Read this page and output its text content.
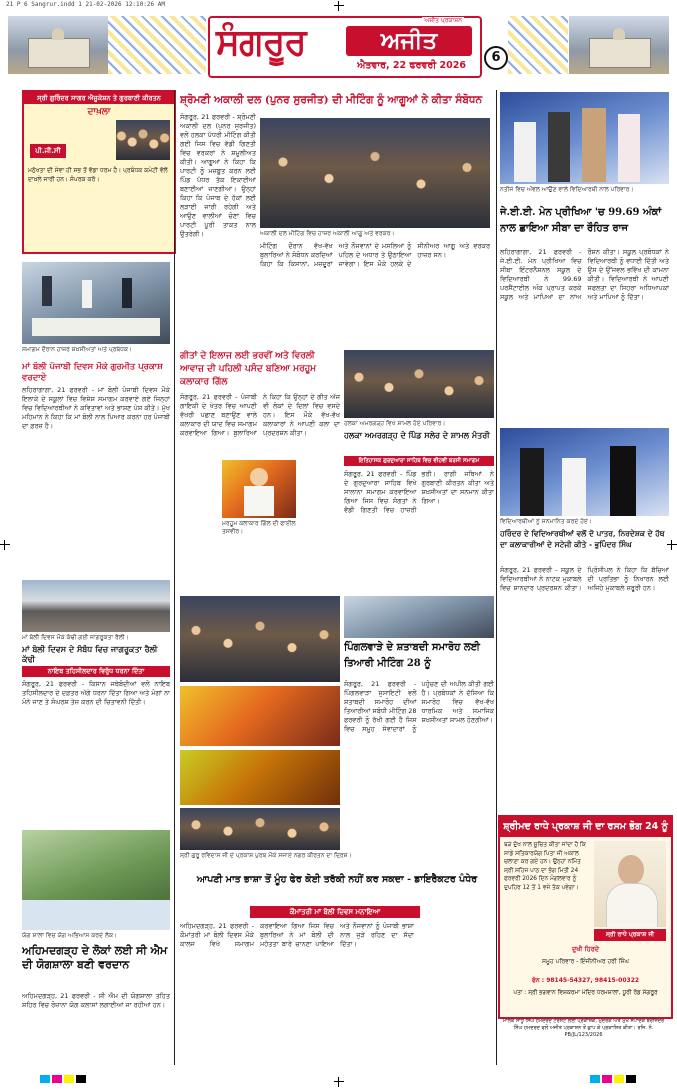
21 P 6 Sangrur.indd 1 21-02-2026 12:10:26 AM
ਸੰਗਰੂਰ
ਅਜੀਤ ਪ੍ਰਕਾਸ਼ਨ
ਅਜੀਤ
ਐਤਵਾਰ, 22 ਫਰਵਰੀ 2026
6
ਸ੍ਰੀ ਗੁਰਿੰਦਰ ਸਾਗਰ ਐਜੂਕੇਸ਼ਨ ਤੇ ਗੁਰਬਾਣੀ ਕੀਰਤਨ
ਦਾਖ਼ਲਾ
ਪੀ.ਜੀ.ਸੀ
ਮਨੁੱਖਤਾ ਦੀ ਸੇਵਾ ਹੀ ਸਭ ਤੋਂ ਵੱਡਾ ਧਰਮ ਹੈ। ਪ੍ਰਬੰਧਕ ਕਮੇਟੀ ਵੱਲੋਂ ਦਾਖ਼ਲੇ ਜਾਰੀ ਹਨ। ਸੰਪਰਕ ਕਰੋ।
ਸਮਾਗਮ ਦੌਰਾਨ ਹਾਜ਼ਰ ਸ਼ਖ਼ਸੀਅਤਾਂ ਅਤੇ ਪ੍ਰਬੰਧਕ।
ਮਾਂ ਬੋਲੀ ਪੰਜਾਬੀ ਦਿਵਸ ਮੌਕੇ ਗੁਰਮੀਤ ਪ੍ਰਕਾਸ਼ ਵਰਦਾਏ

ਲਹਿਰਾਗਾਗਾ, 21 ਫਰਵਰੀ - ਮਾਂ ਬੋਲੀ ਪੰਜਾਬੀ ਦਿਵਸ ਮੌਕੇ ਇਲਾਕੇ ਦੇ ਸਕੂਲਾਂ ਵਿਚ ਵਿਸ਼ੇਸ਼ ਸਮਾਗਮ ਕਰਵਾਏ ਗਏ ਜਿਨ੍ਹਾਂ ਵਿਚ ਵਿਦਿਆਰਥੀਆਂ ਨੇ ਕਵਿਤਾਵਾਂ ਅਤੇ ਭਾਸ਼ਣ ਪੇਸ਼ ਕੀਤੇ। ਮੁੱਖ ਮਹਿਮਾਨ ਨੇ ਕਿਹਾ ਕਿ ਮਾਂ ਬੋਲੀ ਨਾਲ ਪਿਆਰ ਕਰਨਾ ਹਰ ਪੰਜਾਬੀ ਦਾ ਫ਼ਰਜ਼ ਹੈ।

ਮਾਂ ਬੋਲੀ ਦਿਵਸ ਮੌਕੇ ਕੱਢੀ ਗਈ ਜਾਗਰੂਕਤਾ ਰੈਲੀ।
ਮਾਂ ਬੋਲੀ ਦਿਵਸ ਦੇ ਸੰਬੰਧ ਵਿਚ ਜਾਗਰੂਕਤਾ ਰੈਲੀ ਕੱਢੀ
ਨਾਇਬ ਤਹਿਸੀਲਦਾਰ ਵਿਰੁੱਧ ਧਰਨਾ ਦਿੱਤਾ

ਸੰਗਰੂਰ, 21 ਫਰਵਰੀ - ਕਿਸਾਨ ਜਥੇਬੰਦੀਆਂ ਵਲੋਂ ਨਾਇਬ ਤਹਿਸੀਲਦਾਰ ਦੇ ਦਫ਼ਤਰ ਅੱਗੇ ਧਰਨਾ ਦਿੱਤਾ ਗਿਆ ਅਤੇ ਮੰਗਾਂ ਨਾ ਮੰਨੇ ਜਾਣ ਤੇ ਸੰਘਰਸ਼ ਤੇਜ਼ ਕਰਨ ਦੀ ਚਿਤਾਵਨੀ ਦਿੱਤੀ।

ਯੋਗ ਸ਼ਾਲਾ ਵਿਚ ਯੋਗ ਅਭਿਆਸ ਕਰਦੇ ਲੋਕ।
ਅਹਿਮਦਗੜ੍ਹ ਦੇ ਲੋਕਾਂ ਲਈ ਸੀ ਐਮ ਦੀ ਯੋਗਸ਼ਾਲਾ ਬਣੀ ਵਰਦਾਨ

ਅਹਿਮਦਗੜ੍ਹ, 21 ਫਰਵਰੀ - ਸੀ ਐਮ ਦੀ ਯੋਗਸ਼ਾਲਾ ਤਹਿਤ ਸ਼ਹਿਰ ਵਿਚ ਰੋਜ਼ਾਨਾ ਯੋਗ ਕਲਾਸਾਂ ਲਗਾਈਆਂ ਜਾ ਰਹੀਆਂ ਹਨ।

ਸ਼੍ਰੋਮਣੀ ਅਕਾਲੀ ਦਲ (ਪੁਨਰ ਸੁਰਜੀਤ) ਦੀ ਮੀਟਿੰਗ ਨੂੰ ਆਗੂਆਂ ਨੇ ਕੀਤਾ ਸੰਬੋਧਨ

ਸੰਗਰੂਰ, 21 ਫਰਵਰੀ - ਸ਼੍ਰੋਮਣੀ ਅਕਾਲੀ ਦਲ (ਪੁਨਰ ਸੁਰਜੀਤ) ਵਲੋਂ ਹਲਕਾ ਪੱਧਰੀ ਮੀਟਿੰਗ ਕੀਤੀ ਗਈ ਜਿਸ ਵਿਚ ਵੱਡੀ ਗਿਣਤੀ ਵਿਚ ਵਰਕਰਾਂ ਨੇ ਸ਼ਮੂਲੀਅਤ ਕੀਤੀ। ਆਗੂਆਂ ਨੇ ਕਿਹਾ ਕਿ ਪਾਰਟੀ ਨੂੰ ਮਜ਼ਬੂਤ ਕਰਨ ਲਈ ਪਿੰਡ ਪੱਧਰ ਤੱਕ ਇਕਾਈਆਂ ਬਣਾਈਆਂ ਜਾਣਗੀਆਂ। ਉਨ੍ਹਾਂ ਕਿਹਾ ਕਿ ਪੰਜਾਬ ਦੇ ਹੱਕਾਂ ਲਈ ਲੜਾਈ ਜਾਰੀ ਰਹੇਗੀ ਅਤੇ ਆਉਣ ਵਾਲੀਆਂ ਚੋਣਾਂ ਵਿਚ ਪਾਰਟੀ ਪੂਰੀ ਤਾਕਤ ਨਾਲ ਉਤਰੇਗੀ।	ਅਕਾਲੀ ਦਲ ਮੀਟਿੰਗ ਵਿਚ ਹਾਜ਼ਰ ਅਕਾਲੀ ਆਗੂ ਅਤੇ ਵਰਕਰ।

ਮੀਟਿੰਗ ਦੌਰਾਨ ਵੱਖ-ਵੱਖ ਬੁਲਾਰਿਆਂ ਨੇ ਸੰਬੋਧਨ ਕਰਦਿਆਂ ਕਿਹਾ ਕਿ ਕਿਸਾਨਾਂ, ਮਜ਼ਦੂਰਾਂ ਅਤੇ ਨੌਜਵਾਨਾਂ ਦੇ ਮਸਲਿਆਂ ਨੂੰ ਪਹਿਲ ਦੇ ਅਧਾਰ ਤੇ ਉਠਾਇਆ ਜਾਵੇਗਾ। ਇਸ ਮੌਕੇ ਹਲਕੇ ਦੇ ਸੀਨੀਅਰ ਆਗੂ ਅਤੇ ਵਰਕਰ ਹਾਜ਼ਰ ਸਨ।

ਗੀਤਾਂ ਦੇ ਇਲਾਜ ਲਈ ਭਰਵੀਂ ਅਤੇ ਵਿਰਲੀ ਆਵਾਜ਼ ਦੀ ਪਹਿਲੀ ਪਸੰਦ ਬਣਿਆ ਮਰਹੂਮ ਕਲਾਕਾਰ ਗਿੱਲ

ਸੰਗਰੂਰ, 21 ਫਰਵਰੀ - ਪੰਜਾਬੀ ਗਾਇਕੀ ਦੇ ਖੇਤਰ ਵਿਚ ਆਪਣੀ ਵੱਖਰੀ ਪਛਾਣ ਬਣਾਉਣ ਵਾਲੇ ਕਲਾਕਾਰ ਦੀ ਯਾਦ ਵਿਚ ਸਮਾਗਮ ਕਰਵਾਇਆ ਗਿਆ। ਬੁਲਾਰਿਆਂ ਨੇ ਕਿਹਾ ਕਿ ਉਨ੍ਹਾਂ ਦੇ ਗੀਤ ਅੱਜ ਵੀ ਲੋਕਾਂ ਦੇ ਦਿਲਾਂ ਵਿਚ ਵਸਦੇ ਹਨ। ਇਸ ਮੌਕੇ ਵੱਖ-ਵੱਖ ਕਲਾਕਾਰਾਂ ਨੇ ਆਪਣੀ ਕਲਾ ਦਾ ਪ੍ਰਦਰਸ਼ਨ ਕੀਤਾ।

ਮਰਹੂਮ ਕਲਾਕਾਰ ਗਿੱਲ ਦੀ ਫਾਈਲ ਤਸਵੀਰ।
ਹਲਕਾ ਅਮਰਗੜ੍ਹ ਵਿਖੇ ਸ਼ਾਮਲ ਹੋਏ ਪਰਿਵਾਰ।
ਹਲਕਾ ਅਮਰਗੜ੍ਹ ਦੇ ਪਿੰਡ ਸਲੇਰ ਦੇ ਸ਼ਾਮਲ ਮੰਤਰੀ
ਇਤਿਹਾਸਕ ਗੁਰਦੁਆਰਾ ਸਾਹਿਬ ਵਿਚ ਵੀਹਵੀਂ ਬਰਸੀ ਸਮਾਗਮ

ਸੰਗਰੂਰ, 21 ਫਰਵਰੀ - ਪਿੰਡ ਦੇ ਗੁਰਦੁਆਰਾ ਸਾਹਿਬ ਵਿਖੇ ਸਾਲਾਨਾ ਸਮਾਗਮ ਕਰਵਾਇਆ ਗਿਆ ਜਿਸ ਵਿਚ ਸੰਗਤਾਂ ਨੇ ਵੱਡੀ ਗਿਣਤੀ ਵਿਚ ਹਾਜ਼ਰੀ ਭਰੀ। ਰਾਗੀ ਜਥਿਆਂ ਨੇ ਗੁਰਬਾਣੀ ਕੀਰਤਨ ਕੀਤਾ ਅਤੇ ਸ਼ਖ਼ਸੀਅਤਾਂ ਦਾ ਸਨਮਾਨ ਕੀਤਾ ਗਿਆ।

ਨਤੀਜੇ ਵਿਚ ਅੱਵਲ ਆਉਣ ਵਾਲੇ ਵਿਦਿਆਰਥੀ ਨਾਲ ਪਰਿਵਾਰ।
ਜੇ.ਈ.ਈ. ਮੇਨ ਪ੍ਰੀਖਿਆ 'ਚ 99.69 ਅੰਕਾਂ ਨਾਲ ਛਾਇਆ ਸੀਬਾ ਦਾ ਰੌਹਿਤ ਰਾਜ

ਲਹਿਰਾਗਾਗਾ, 21 ਫਰਵਰੀ - ਜੇ.ਈ.ਈ. ਮੇਨ ਪ੍ਰੀਖਿਆ ਵਿਚ ਸੀਬਾ ਇੰਟਰਨੈਸ਼ਨਲ ਸਕੂਲ ਦੇ ਵਿਦਿਆਰਥੀ ਨੇ 99.69 ਪਰਸੈਂਟਾਈਲ ਅੰਕ ਪ੍ਰਾਪਤ ਕਰਕੇ ਸਕੂਲ ਅਤੇ ਮਾਪਿਆਂ ਦਾ ਨਾਂਅ ਰੌਸ਼ਨ ਕੀਤਾ। ਸਕੂਲ ਪ੍ਰਬੰਧਕਾਂ ਨੇ ਵਿਦਿਆਰਥੀ ਨੂੰ ਵਧਾਈ ਦਿੱਤੀ ਅਤੇ ਉਸ ਦੇ ਉੱਜਵਲ ਭਵਿੱਖ ਦੀ ਕਾਮਨਾ ਕੀਤੀ। ਵਿਦਿਆਰਥੀ ਨੇ ਆਪਣੀ ਸਫਲਤਾ ਦਾ ਸਿਹਰਾ ਅਧਿਆਪਕਾਂ ਅਤੇ ਮਾਪਿਆਂ ਨੂੰ ਦਿੱਤਾ।

ਵਿਦਿਆਰਥੀਆਂ ਨੂੰ ਸਨਮਾਨਿਤ ਕਰਦੇ ਹੋਏ।
ਹਰਿੰਦਰ ਦੇ ਵਿਦਿਆਰਥੀਆਂ ਵਲੋਂ ਦੋ ਪਾਤਰ, ਨਿਰਦੇਸ਼ਕ ਦੇ ਹੱਥ ਦਾ ਕਲਾਕਾਰੀਆਂ ਦੇ ਸਟੇਜੀ ਕੀਤੇ - ਭੁਪਿੰਦਰ ਸਿੰਘ

ਸੰਗਰੂਰ, 21 ਫਰਵਰੀ - ਸਕੂਲ ਦੇ ਵਿਦਿਆਰਥੀਆਂ ਨੇ ਨਾਟਕ ਮੁਕਾਬਲੇ ਵਿਚ ਸ਼ਾਨਦਾਰ ਪ੍ਰਦਰਸ਼ਨ ਕੀਤਾ। ਪ੍ਰਿੰਸੀਪਲ ਨੇ ਕਿਹਾ ਕਿ ਬੱਚਿਆਂ ਦੀ ਪ੍ਰਤਿਭਾ ਨੂੰ ਨਿਖਾਰਨ ਲਈ ਅਜਿਹੇ ਮੁਕਾਬਲੇ ਜ਼ਰੂਰੀ ਹਨ।

ਪਿੰਗਲਵਾੜੇ ਦੇ ਸ਼ਤਾਬਦੀ ਸਮਾਰੋਹ ਲਈ ਤਿਆਰੀ ਮੀਟਿੰਗ 28 ਨੂੰ

ਸੰਗਰੂਰ, 21 ਫਰਵਰੀ - ਪਿੰਗਲਵਾੜਾ ਸੁਸਾਇਟੀ ਵਲੋਂ ਸ਼ਤਾਬਦੀ ਸਮਾਰੋਹ ਦੀਆਂ ਤਿਆਰੀਆਂ ਸਬੰਧੀ ਮੀਟਿੰਗ 28 ਫਰਵਰੀ ਨੂੰ ਰੱਖੀ ਗਈ ਹੈ ਜਿਸ ਵਿਚ ਸਮੂਹ ਸੇਵਾਦਾਰਾਂ ਨੂੰ ਪਹੁੰਚਣ ਦੀ ਅਪੀਲ ਕੀਤੀ ਗਈ ਹੈ। ਪ੍ਰਬੰਧਕਾਂ ਨੇ ਦੱਸਿਆ ਕਿ ਸਮਾਰੋਹ ਵਿਚ ਵੱਖ-ਵੱਖ ਧਾਰਮਿਕ ਅਤੇ ਸਮਾਜਿਕ ਸ਼ਖ਼ਸੀਅਤਾਂ ਸ਼ਾਮਲ ਹੋਣਗੀਆਂ।

ਸ੍ਰੀ ਗੁਰੂ ਰਵਿਦਾਸ ਜੀ ਦੇ ਪ੍ਰਕਾਸ਼ ਪੁਰਬ ਮੌਕੇ ਸਜਾਏ ਨਗਰ ਕੀਰਤਨ ਦਾ ਦ੍ਰਿਸ਼।
ਆਪਣੀ ਮਾਤ ਭਾਸ਼ਾ ਤੋਂ ਮੂੰਹ ਫੇਰ ਕੋਈ ਤਰੱਕੀ ਨਹੀਂ ਕਰ ਸਕਦਾ - ਡਾਇਰੈਕਟਰ ਪੰਧੇਰ
ਕੌਮਾਂਤਰੀ ਮਾਂ ਬੋਲੀ ਦਿਵਸ ਮਨਾਇਆ

ਅਹਿਮਦਗੜ੍ਹ, 21 ਫਰਵਰੀ - ਕੌਮਾਂਤਰੀ ਮਾਂ ਬੋਲੀ ਦਿਵਸ ਮੌਕੇ ਕਾਲਜ ਵਿਖੇ ਸਮਾਗਮ ਕਰਵਾਇਆ ਗਿਆ ਜਿਸ ਵਿਚ ਬੁਲਾਰਿਆਂ ਨੇ ਮਾਂ ਬੋਲੀ ਦੀ ਮਹੱਤਤਾ ਬਾਰੇ ਚਾਨਣਾ ਪਾਇਆ ਅਤੇ ਨੌਜਵਾਨਾਂ ਨੂੰ ਪੰਜਾਬੀ ਭਾਸ਼ਾ ਨਾਲ ਜੁੜੇ ਰਹਿਣ ਦਾ ਸੱਦਾ ਦਿੱਤਾ।

ਸ਼੍ਰੀਮਦ ਰਾਧੇ ਪ੍ਰਕਾਸ਼ ਜੀ ਦਾ ਰਸਮ ਭੋਗ 24 ਨੂੰ
ਬੜੇ ਦੁੱਖ ਨਾਲ ਸੂਚਿਤ ਕੀਤਾ ਜਾਂਦਾ ਹੈ ਕਿ ਸਾਡੇ ਸਤਿਕਾਰਯੋਗ ਪਿਤਾ ਜੀ ਅਕਾਲ ਚਲਾਣਾ ਕਰ ਗਏ ਹਨ। ਉਨ੍ਹਾਂ ਨਮਿੱਤ ਸ੍ਰੀ ਸਹਿਜ ਪਾਠ ਦਾ ਭੋਗ ਮਿਤੀ 24 ਫਰਵਰੀ 2026 ਦਿਨ ਮੰਗਲਵਾਰ ਨੂੰ ਦੁਪਹਿਰ 12 ਤੋਂ 1 ਵਜੇ ਤੱਕ ਪਵੇਗਾ।
ਸ੍ਰੀ ਰਾਧੇ ਪ੍ਰਕਾਸ਼ ਜੀ
ਦੁਖੀ ਹਿਰਦੇ
ਸਮੂਹ ਪਰਿਵਾਰ - ਇੰਜੀਨੀਅਰ ਹਰੀ ਸਿੰਘ
ਫੋਨ : 98145-54327, 98415-00322
ਪਤਾ : ਸ੍ਰੀ ਭਗਵਾਨ ਵਿਸ਼ਕਰਮਾ ਮੰਦਿਰ ਧਰਮਸ਼ਾਲਾ, ਧੂਰੀ ਰੋਡ ਸੰਗਰੂਰ
ਮਾਲਕ ਸਾਧੂ ਸਿੰਘ ਹਮਦਰਦ ਟਰੱਸਟ ਲਈ ਪ੍ਰਕਾਸ਼ਕ, ਮੁਦਰਕ ਅਤੇ ਮੁੱਖ ਸੰਪਾਦਕ ਬਰਜਿੰਦਰ ਸਿੰਘ ਹਮਦਰਦ ਵਲੋਂ ਅਜੀਤ ਪ੍ਰਕਾਸ਼ਨ ਤੋਂ ਛਾਪ ਕੇ ਪ੍ਰਕਾਸ਼ਿਤ ਕੀਤਾ। ਰਜਿ. ਨੰ. PB/JL/123/2026
